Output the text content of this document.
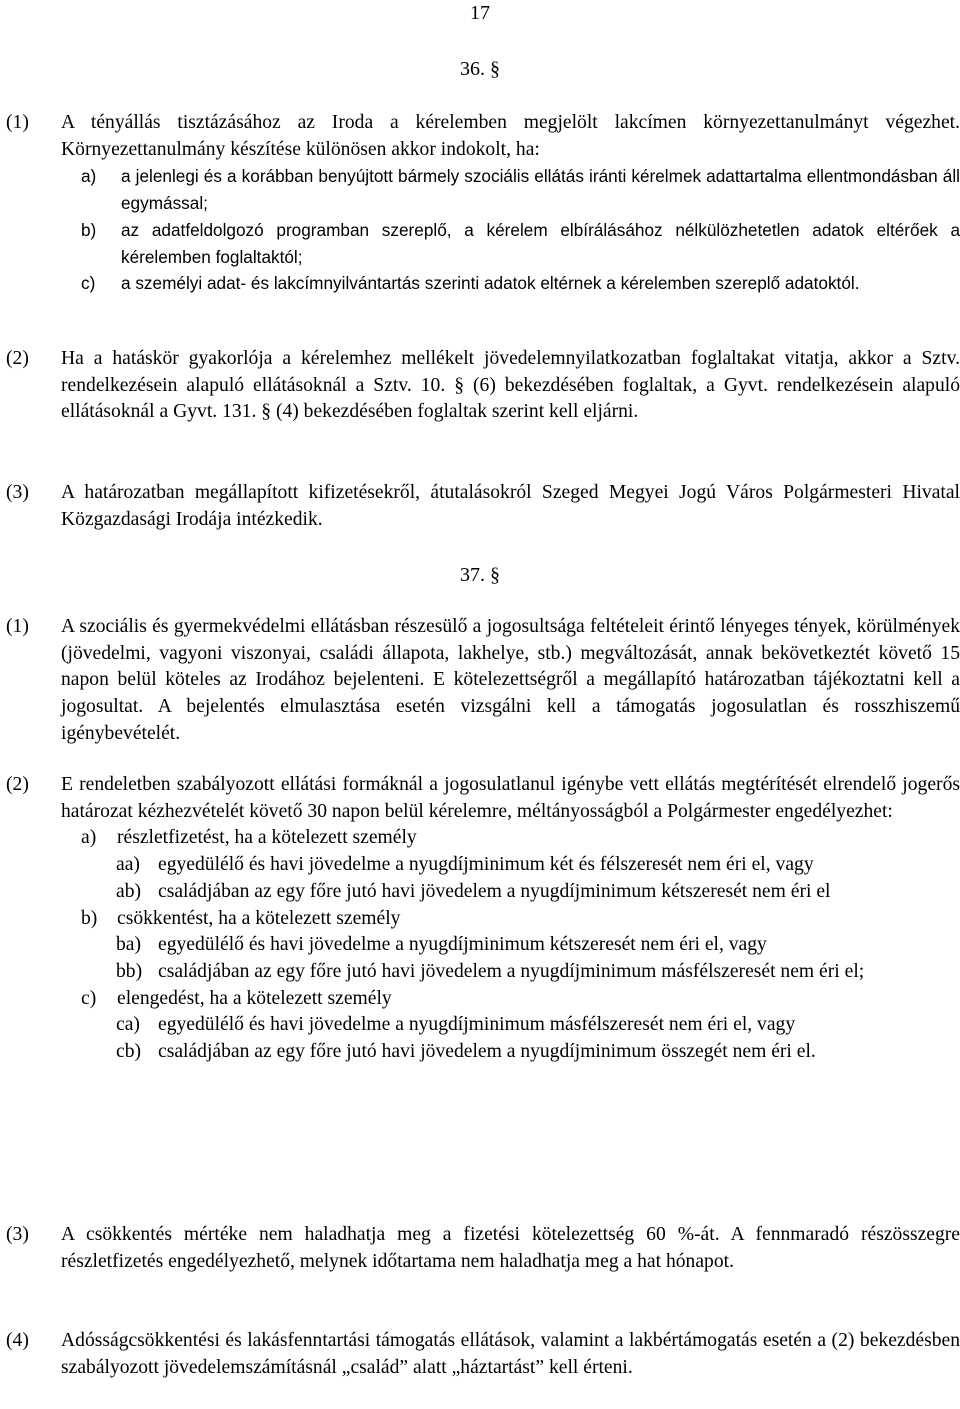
17
36. §
(1) A tényállás tisztázásához az Iroda a kérelemben megjelölt lakcímen környezettanulmányt végezhet. Környezettanulmány készítése különösen akkor indokolt, ha:
a) a jelenlegi és a korábban benyújtott bármely szociális ellátás iránti kérelmek adattartalma ellentmondásban áll egymással;
b) az adatfeldolgozó programban szereplő, a kérelem elbírálásához nélkülözhetetlen adatok eltérőek a kérelemben foglaltaktól;
c) a személyi adat- és lakcímnyilvántartás szerinti adatok eltérnek a kérelemben szereplő adatoktól.
(2) Ha a hatáskör gyakorlója a kérelemhez mellékelt jövedelemnyilatkozatban foglaltakat vitatja, akkor a Sztv. rendelkezésein alapuló ellátásoknál a Sztv. 10. § (6) bekezdésében foglaltak, a Gyvt. rendelkezésein alapuló ellátásoknál a Gyvt. 131. § (4) bekezdésében foglaltak szerint kell eljárni.
(3) A határozatban megállapított kifizetésekről, átutalásokról Szeged Megyei Jogú Város Polgármesteri Hivatal Közgazdasági Irodája intézkedik.
37. §
(1) A szociális és gyermekvédelmi ellátásban részesülő a jogosultsága feltételeit érintő lényeges tények, körülmények (jövedelmi, vagyoni viszonyai, családi állapota, lakhelye, stb.) megváltozását, annak bekövetkeztét követő 15 napon belül köteles az Irodához bejelenteni. E kötelezettségről a megállapító határozatban tájékoztatni kell a jogosultat. A bejelentés elmulasztása esetén vizsgálni kell a támogatás jogosulatlan és rosszhiszemű igénybevételét.
(2) E rendeletben szabályozott ellátási formáknál a jogosulatlanul igénybe vett ellátás megtérítését elrendelő jogerős határozat kézhezvételét követő 30 napon belül kérelemre, méltányosságból a Polgármester engedélyezhet:
a) részletfizetést, ha a kötelezett személy
aa) egyedülélő és havi jövedelme a nyugdíjminimum két és félszeresét nem éri el, vagy
ab) családjában az egy főre jutó havi jövedelem a nyugdíjminimum kétszeresét nem éri el
b) csökkentést, ha a kötelezett személy
ba) egyedülélő és havi jövedelme a nyugdíjminimum kétszeresét nem éri el, vagy
bb) családjában az egy főre jutó havi jövedelem a nyugdíjminimum másfélszeresét nem éri el;
c) elengedést, ha a kötelezett személy
ca) egyedülélő és havi jövedelme a nyugdíjminimum másfélszeresét nem éri el, vagy
cb) családjában az egy főre jutó havi jövedelem a nyugdíjminimum összegét nem éri el.
(3) A csökkentés mértéke nem haladhatja meg a fizetési kötelezettség 60 %-át. A fennmaradó részösszegre részletfizetés engedélyezhető, melynek időtartama nem haladhatja meg a hat hónapot.
(4) Adósságcsökkentési és lakásfenntartási támogatás ellátások, valamint a lakbértámogatás esetén a (2) bekezdésben szabályozott jövedelemszámításnál „család” alatt „háztartást” kell érteni.
